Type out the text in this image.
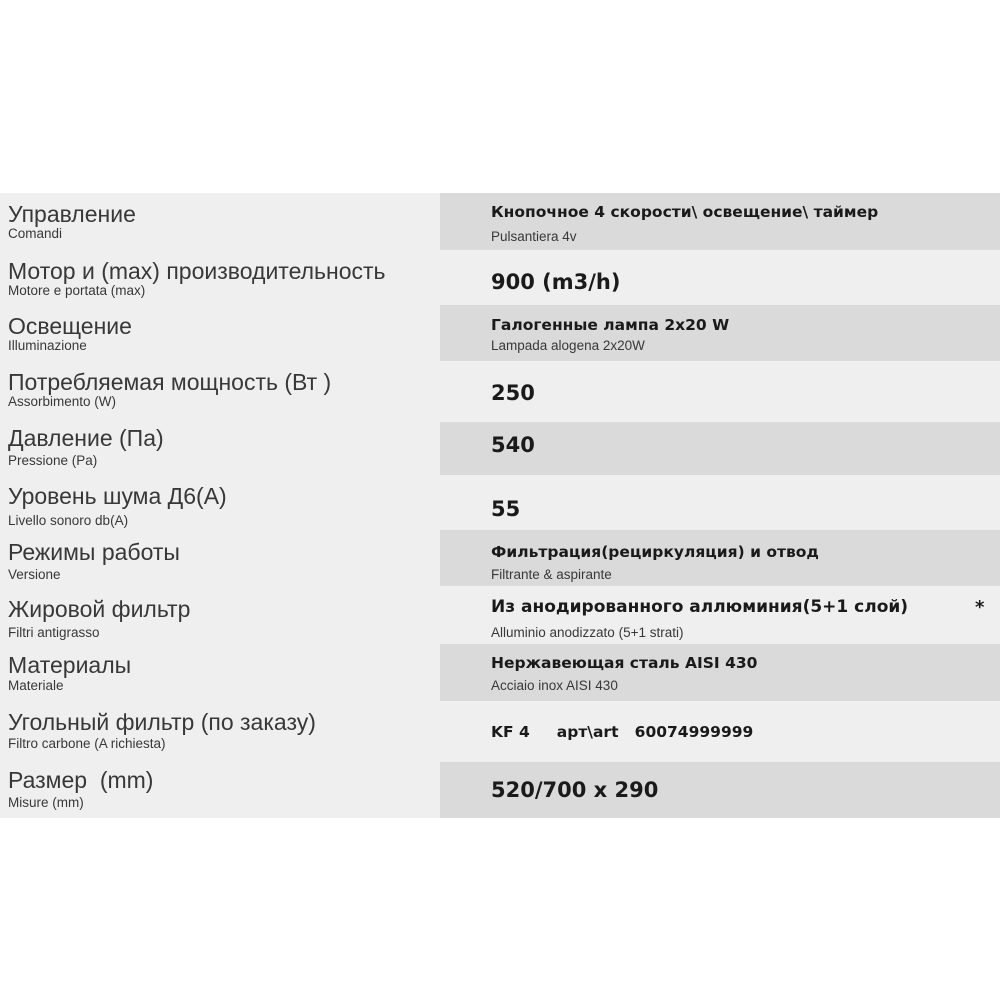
Кнопочное 4 скорости\ освещение\ таймер
Pulsantiera 4v
Управление
Comandi
900 (m3/h)
Мотор и (max) производительность
Motore e portata (max)
Галогенные лампа 2x20 W
Lampada alogena 2x20W
Освещение
Illuminazione
250
Потребляемая мощность (Вт )
Assorbimento (W)
540
Давление (Па)
Pressione (Pa)
55
Уровень шума Д6(А)
Livello sonoro db(A)
Фильтрация(рециркуляция) и отвод
Filtrante & aspirante
Режимы работы
Versione
Из анодированного аллюминия(5+1 слой)
Alluminio anodizzato (5+1 strati)
*
Жировой фильтр
Filtri antigrasso
Нержавеющая сталь AISI 430
Acciaio inox AISI 430
Материалы
Materiale
KF 4     арт\art   60074999999
Угольный фильтр (по заказу)
Filtro carbone (A richiesta)
520/700 x 290
Размер  (mm)
Misure (mm)
